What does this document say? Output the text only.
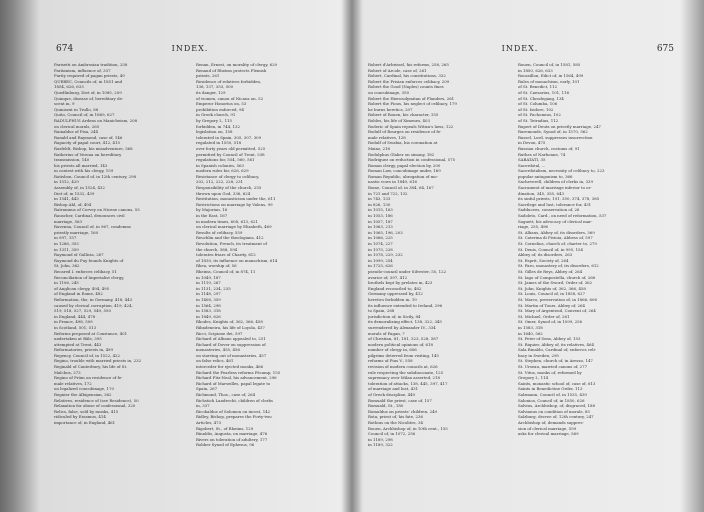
674	INDEX.
Parisetti on Ambrosian tradition, 258
Paritanism, influence of, 337
Purity required of pagan priests, 49
QUEBEC, Councils of, in 1851 and
1854, 626, 633
Quedlinburg, Diet of, in 1085, 209
Quinque, disease of, hereditary de-
scent in, 9
Quinisext in Trullo, 88
Quito, Council of, in 1869, 627
RADULPHUS Ardens on Manicheism, 208
on clerical morals, 265
Rainaldus of Pisa, 244
Ranald and Raymond, case of, 146
Rapacity of papal court, 412, 415
Rasfeldt, Bishop, his misadventure, 568
Ratherius of Verona on hereditary
transmission, 140
his priests all married, 143
in contest with his clergy, 159
Ratisbon, Council of, in 12th century, 298
in 1512, 429
Assembly of, in 1524, 432
Diet of, in 1532, 439
in 1541, 443
Bishop Ahl, of, 494
Ratramnus of Corvey on Nicene canons, 55
Rauscher, Cardinal, denounces civil
marriage, 563
Ravenna, Council of, in 967, condemns
priestly marriage, 160
in 997, 157
in 1286, 353
in 1311, 359
Raymond of Gallicia, 267
Raymond du Puy founds Knights of
St. John, 362
Recared I. enforces celibacy, 51
Reconciliation of Imperialist clergy,
in 1106, 245
of Anglican clergy, 494, 495
of England in Rome, 482
Reformation, the, in Germany, 418, 443
caused by clerical corruption, 419, 424,
519, 518, 527, 529, 549, 550
in England, 444, 478
in France, 498, 509
in Scotland, 501, 513
Reforms proposed at Constance, 401
undertaken at Bâle, 395
attempted at Trent, 443
Reformatories, priests in, 499
Regency, Council of, in 1522, 422
Regino, trouble with married priests in, 232
Reginald of Canterbury, his life of St.
Malchus, 273
Regino of Prüm on residence of fe-
male relatives, 172
on legalized concubinage, 170
Regnier the Albigensian, 362
Relatives, residence of (see Residence), 50
Relaxation for abuse of confessional, 320
Relics, false, sold by monks, 415
ridiculed by Erasmus, 414
importance of, in England, 461
Renan, Ernest, on morality of clergy, 629
Renaud of Rheims protects Flemish
priests, 261
Residence of relatives forbidden,
136, 137, 353, 500
its danger, 129
of women, canon of Nicaea on, 52
Emperor Honorius on, 53
prohibition enforced, 94
in Greek church, 91
by Gregory I., 115
forbidden, in 744, 132
legislation on, 158
tolerated in Spain, 305, 307, 309
regulated in 1550, 518
over forty years old permitted, 525
permitted by Council of Trent, 538
regulations for, 554, 560, 561
in Spanish colonies, 563
modern rules for, 626, 629
Resistance of clergy to celibacy,
202, 212, 222, 228, 231
Responsibility of the church, 255
thrown upon God, 336, 624
Restitution, monasticism under the, 611
Restrictions on marriage by Valens, 99
by Majorian, 16
in the East, 167
in modern times, 608, 613, 621
on clerical marriage by Elizabeth, 469
Results of celibacy, 559
Reuchlin and the theologians, 412
Revolution, French, its treatment of
the church, 588, 594
tolerates friars of Charity, 612
of 1830, its influence on monachism, 614
Rhea, worship of, 56
Rheims, Council of, in 874, 11
in 1049, 187
in 1119, 267
in 1131, 234, 235
in 1148, 297
in 1408, 359
in 1564, 298
in 1583, 318
in 1849, 626
Rhodes, Knights of, 362, 366, 458
Ribadeneira, his life of Loyola, 437
Ricci, Scipione dei, 597
Richard of Albano appealed to, 251
Richard of Dover on suppression of
monasteries, 455, 456
on starving out of monasteries, 457
on false relics, 461
interceder for ejected monks, 466
Richard the Fearless reforms Fécamp, 155
Richard Fitz-Neal, his advancement, 296
Richard of Marseilles, papal legate to
Spain, 267
Richmond, Thos., case of, 264
Richstich Landrecht, children of clerks
in, 337
Ricobaldus of Solomon on incest, 142
Ridley, Bishop, prepares the Forty-two
Articles, 473
Rigobert, St., of Rheims, 129
Rinaldis, Augusta, on marriage, 476
Rivers on toleration of adultery, 177
Robber Synod of Ephesus, 96
INDEX.	675
Robert d'Arbrissel, his reforms, 258, 265
Robert of Arcole, case of, 261
Robert, Cardinal, his constitutions, 332
Robert the Frisian enforces celibacy, 209
Robert the Good (Naples) counts fines
on concubinage, 350
Robert the Hierosolymitan of Flanders, 261
Robert the Pious, his neglect of celibacy, 179
he burns heretics, 207
Robert of Rouen, his character, 155
Robles, his life of Ximenes, 403
Roderic of Spain repeals Witiza's laws, 122
Rodulf of Bourges on residence of fe-
male relatives, 128
Rodulf of Swabia, his coronation at
Mainz, 216
Rodulphus Glaber on simony, 182
Rodriguez on reduction in confessional, 575
Roman clergy, papal election by, 200
Roman Law, concubinage under, 169
Roman Republic, abrogation of mo-
nastic vows in 1849, 616
Rome, Council of, in 384, 64, 167
in 721 and 722, 132
in 743, 133
in 826, 130
in 1015, 163
in 1053, 186
in 1057, 187
in 1063, 213
in 1065, 196, 203
in 1066, 225
in 1074, 227
in 1075, 228
in 1078, 229, 232
in 1099, 254
in 1725, 626
pseudo-council under Silvester, 55, 122
avarice of, 397, 412
brothels kept by prelates in, 423
England reconciled to, 482
Germany oppressed by, 412
heretics forbidden in, 19
its influence extended to Ireland, 296
to Spain, 268
jurisdiction of, in Sicily, 84
its demoralizing effect, 138, 322, 345
surrendered by Alexander IV., 334
morals of Pagan, 7
of Christian, 81, 181, 323, 528, 587
modern political opinions of, 618
number of clergy in, 606
pilgrims deterred from visiting, 145
reforms of Pius V., 558
revision of modern councils at, 626
rule respecting the subdiaconate, 125
supremacy over Milan asserted, 218
toleration of attacks, 138, 445, 397, 417
of marriage and lust, 431
of Greek discipline, 449
Romuald the priest, case of, 157
Romuald, St., 180
Romuldus on priests' children, 249
Rota, priest of, his fate, 236
Rothius on the Nicolites, 34
Rouen, Archbishop of, in 10th cent., 155
Council of, in 1072, 256
in 1189, 298
in 1189, 322
Rouen, Council of, in 1581, 585
in 1850, 626, 633
Roussillon, Edict of, in 1564, 499
Rules of monachism, early, 101
of St. Benedict, 112
of St. Caesarius, 101, 116
of St. Chrodegang, 134
of St. Columba, 106
of St. Isidore, 102
of St. Pachomius, 102
of St. Tetradius, 112
Rupert of Deutz on priestly marriage, 247
Ruremonde, Synod of, in 1570, 562
Russel, Lord, suppresses insurrection
in Devon, 475
Russian church, customs of, 91
Ruthes of Narbonne, 74
SABATATI, 35
Sacerdotal, ...
Sacerdotalism, necessity of celibacy to, 223
popular antagonism to, 366
Sacheverell, children of clerks in, 339
Sacrament of marriage inferior to or-
dination, 345, 355, 643
its sinful priests, 191, 350, 374, 378, 385
Sacrilege and lust, tolerance for, 431
Sadducees, conservation of, 26
Sadoleto, Card., on need of reformation, 537
Saguett, his advocacy of clerical mar-
riage, 255, 496
St. Albans, Abbey of, its disorders, 369
St. Caterina di Pistoia, Abbess of, 597
St. Cornelius, church of, charter to, 279
St. Denis, Council of, in 995, 154
Abbey of, its disorders, 263
St. Esprit, Society of, 264
St. Faro, monastery of, its disorders, 612
St. Gilles de Reys, Abbey of, 264
St. Iago of Compostella, church of, 268
St. James of the Sword, Order of, 362
St. John, Knights of, 362, 366, 458
St. Louis, Council of, in 1858, 627
St. Marco, preservation of, in 1866, 606
St. Martin of Tours, Abbey of, 264
St. Mary of Argenteuil, Convent of, 264
St. Michael, Order of, 261
St. Omer, Synod of, in 1099, 256
in 1583, 318
in 1640, 562
St. Peter of Sens, Abbey of, 153
St. Riquier, Abbey of, its relatives, 464
Sala Rinaldo, Cardinal of, enforces celi-
bacy in Sweden, 295
St. Stephen, church of, in Arezzo, 147
St. Urseau, married canons of, 277
St. Vitus, monks of, reformed by
Gregory I., 114
Saints, monastic school of, case of, 613
Saints in Benedictine Order, 113
Salzmann, Council of, in 1535, 439
Salonica, Council of, in 1850, 626
Salvius, Archbishop, of, disgraced, 188
Salvianus on condition of morals, 85
Salzburg, decree of, 12th century, 247
Archbishop of, demands suppres-
sion of clerical marriage, 559
asks for clerical marriage, 569
